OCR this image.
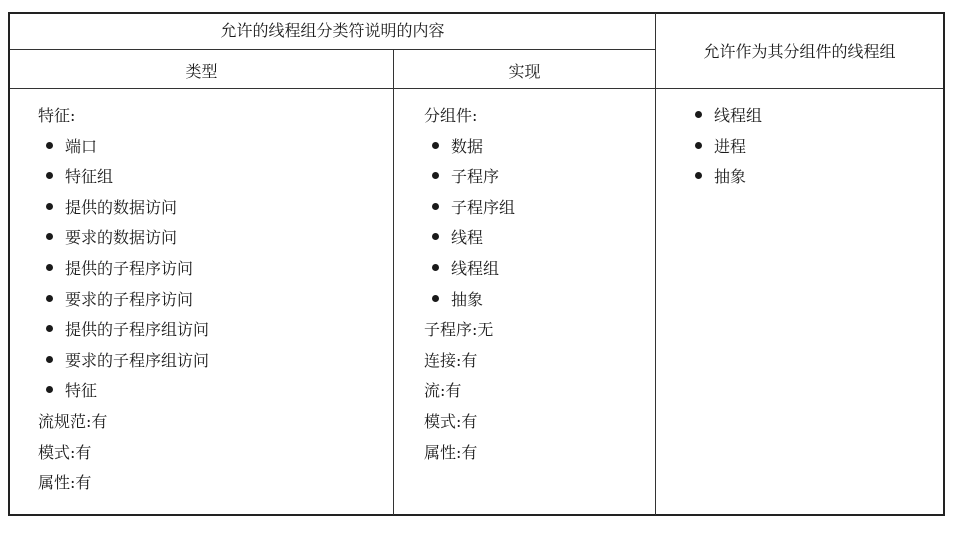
允许的线程组分类符说明的内容
类型	实现
允许作为其分组件的线程组
特征:
端口
特征组
提供的数据访问
要求的数据访问
提供的子程序访问
要求的子程序访问
提供的子程序组访问
要求的子程序组访问
特征
流规范:有
模式:有
属性:有
分组件:
数据
子程序
子程序组
线程
线程组
抽象
子程序:无
连接:有
流:有
模式:有
属性:有
线程组
进程
抽象
